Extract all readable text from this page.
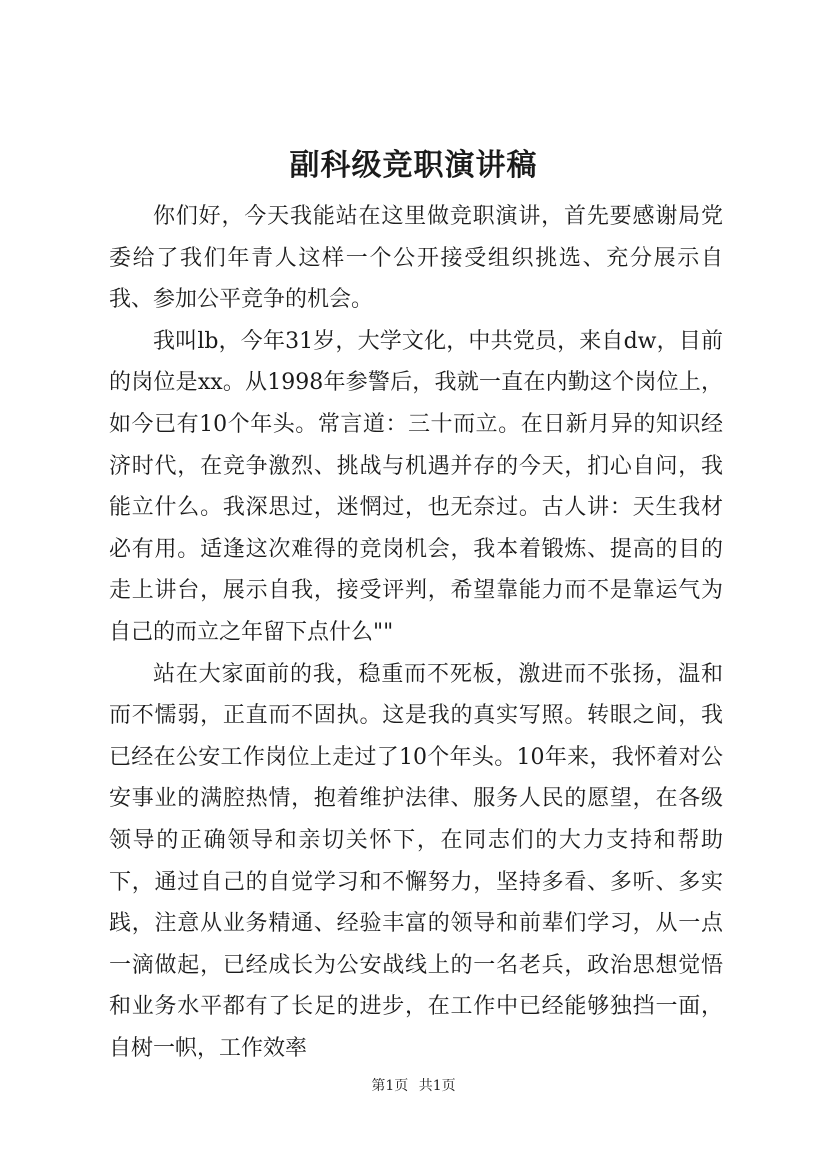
副科级竞职演讲稿

你们好，今天我能站在这里做竞职演讲，首先要感谢局党委给了我们年青人这样一个公开接受组织挑选、充分展示自我、参加公平竞争的机会。

我叫lb，今年31岁，大学文化，中共党员，来自dw，目前的岗位是xx。从1998年参警后，我就一直在内勤这个岗位上，如今已有10个年头。常言道：三十而立。在日新月异的知识经济时代，在竞争激烈、挑战与机遇并存的今天，扪心自问，我能立什么。我深思过，迷惘过，也无奈过。古人讲：天生我材必有用。适逢这次难得的竞岗机会，我本着锻炼、提高的目的走上讲台，展示自我，接受评判，希望靠能力而不是靠运气为自己的而立之年留下点什么""

站在大家面前的我，稳重而不死板，激进而不张扬，温和而不懦弱，正直而不固执。这是我的真实写照。转眼之间，我已经在公安工作岗位上走过了10个年头。10年来，我怀着对公安事业的满腔热情，抱着维护法律、服务人民的愿望，在各级领导的正确领导和亲切关怀下，在同志们的大力支持和帮助下，通过自己的自觉学习和不懈努力，坚持多看、多听、多实践，注意从业务精通、经验丰富的领导和前辈们学习，从一点一滴做起，已经成长为公安战线上的一名老兵，政治思想觉悟和业务水平都有了长足的进步，在工作中已经能够独挡一面，自树一帜，工作效率

第1页 共1页
